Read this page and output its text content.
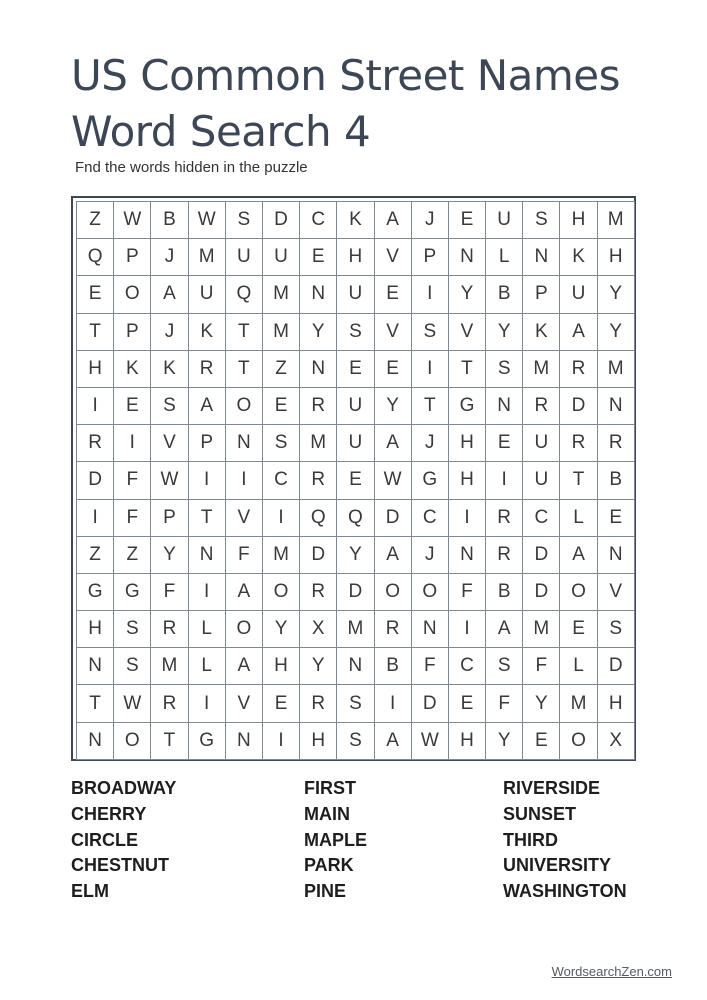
US Common Street Names
Word Search 4
Fnd the words hidden in the puzzle
Z	W	B	W	S	D	C	K	A	J	E	U	S	H	M
Q	P	J	M	U	U	E	H	V	P	N	L	N	K	H
E	O	A	U	Q	M	N	U	E	I	Y	B	P	U	Y
T	P	J	K	T	M	Y	S	V	S	V	Y	K	A	Y
H	K	K	R	T	Z	N	E	E	I	T	S	M	R	M
I	E	S	A	O	E	R	U	Y	T	G	N	R	D	N
R	I	V	P	N	S	M	U	A	J	H	E	U	R	R
D	F	W	I	I	C	R	E	W	G	H	I	U	T	B
I	F	P	T	V	I	Q	Q	D	C	I	R	C	L	E
Z	Z	Y	N	F	M	D	Y	A	J	N	R	D	A	N
G	G	F	I	A	O	R	D	O	O	F	B	D	O	V
H	S	R	L	O	Y	X	M	R	N	I	A	M	E	S
N	S	M	L	A	H	Y	N	B	F	C	S	F	L	D
T	W	R	I	V	E	R	S	I	D	E	F	Y	M	H
N	O	T	G	N	I	H	S	A	W	H	Y	E	O	X
BROADWAY
CHERRY
CIRCLE
CHESTNUT
ELM
FIRST
MAIN
MAPLE
PARK
PINE
RIVERSIDE
SUNSET
THIRD
UNIVERSITY
WASHINGTON
WordsearchZen.com
